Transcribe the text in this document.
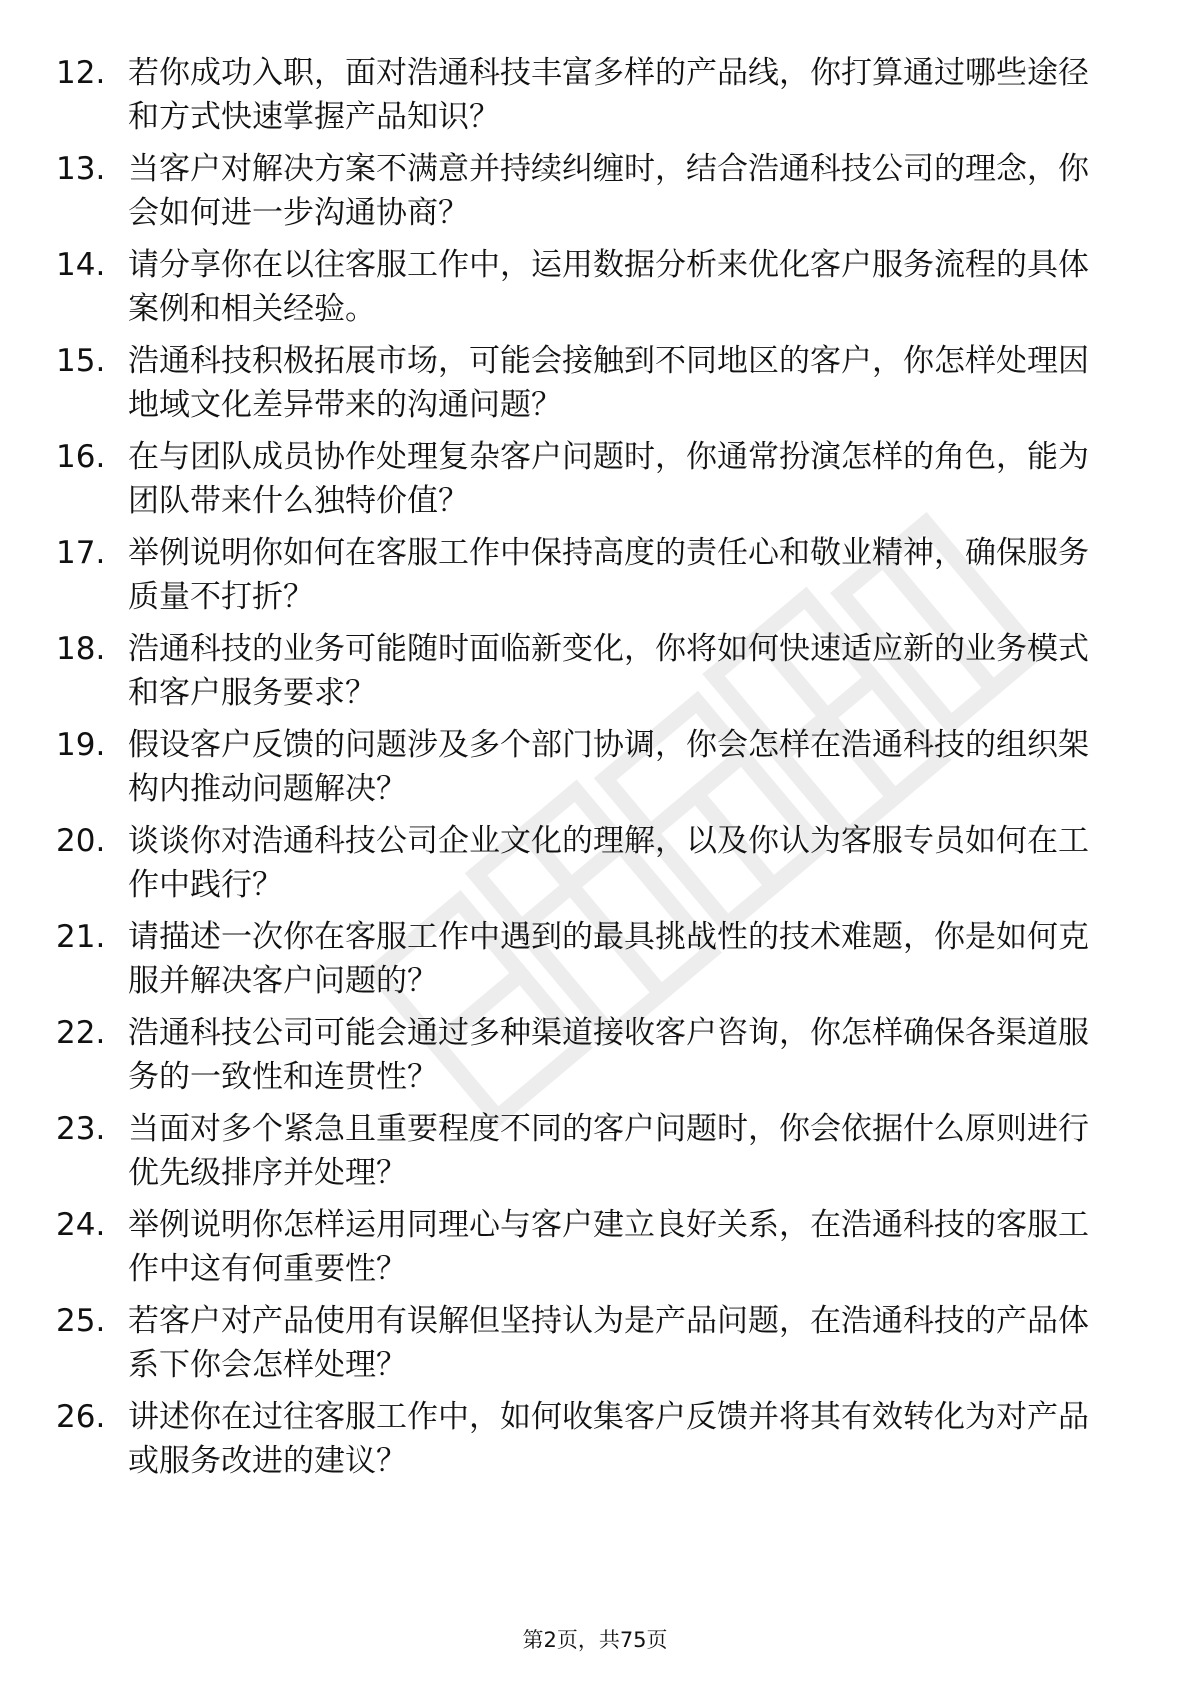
12. 若你成功入职，面对浩通科技丰富多样的产品线，你打算通过哪些途径和方式快速掌握产品知识？
13. 当客户对解决方案不满意并持续纠缠时，结合浩通科技公司的理念，你会如何进一步沟通协商？
14. 请分享你在以往客服工作中，运用数据分析来优化客户服务流程的具体案例和相关经验。
15. 浩通科技积极拓展市场，可能会接触到不同地区的客户，你怎样处理因地域文化差异带来的沟通问题？
16. 在与团队成员协作处理复杂客户问题时，你通常扮演怎样的角色，能为团队带来什么独特价值？
17. 举例说明你如何在客服工作中保持高度的责任心和敬业精神，确保服务质量不打折？
18. 浩通科技的业务可能随时面临新变化，你将如何快速适应新的业务模式和客户服务要求？
19. 假设客户反馈的问题涉及多个部门协调，你会怎样在浩通科技的组织架构内推动问题解决？
20. 谈谈你对浩通科技公司企业文化的理解，以及你认为客服专员如何在工作中践行？
21. 请描述一次你在客服工作中遇到的最具挑战性的技术难题，你是如何克服并解决客户问题的？
22. 浩通科技公司可能会通过多种渠道接收客户咨询，你怎样确保各渠道服务的一致性和连贯性？
23. 当面对多个紧急且重要程度不同的客户问题时，你会依据什么原则进行优先级排序并处理？
24. 举例说明你怎样运用同理心与客户建立良好关系，在浩通科技的客服工作中这有何重要性？
25. 若客户对产品使用有误解但坚持认为是产品问题，在浩通科技的产品体系下你会怎样处理？
26. 讲述你在过往客服工作中，如何收集客户反馈并将其有效转化为对产品或服务改进的建议？
第2页，共75页
